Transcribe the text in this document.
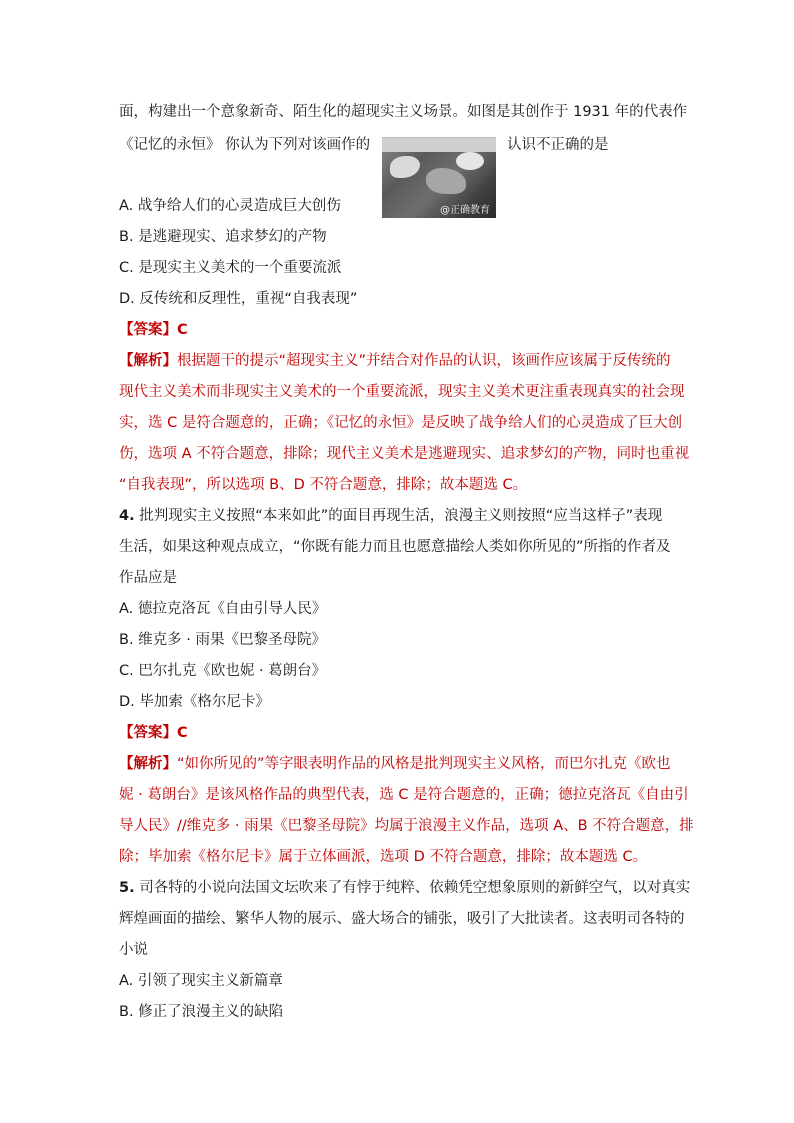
面，构建出一个意象新奇、陌生化的超现实主义场景。如图是其创作于 1931 年的代表作
《记忆的永恒》 你认为下列对该画作的	认识不正确的是
@正确教育
A. 战争给人们的心灵造成巨大创伤
B. 是逃避现实、追求梦幻的产物
C. 是现实主义美术的一个重要流派
D. 反传统和反理性，重视“自我表现”
【答案】C
【解析】根据题干的提示“超现实主义”并结合对作品的认识，该画作应该属于反传统的
现代主义美术而非现实主义美术的一个重要流派，现实主义美术更注重表现真实的社会现
实，选 C 是符合题意的，正确；《记忆的永恒》是反映了战争给人们的心灵造成了巨大创
伤，选项 A 不符合题意，排除；现代主义美术是逃避现实、追求梦幻的产物，同时也重视
“自我表现”，所以选项 B、D 不符合题意，排除；故本题选 C。
4. 批判现实主义按照“本来如此”的面目再现生活，浪漫主义则按照“应当这样子”表现
生活，如果这种观点成立，“你既有能力而且也愿意描绘人类如你所见的”所指的作者及
作品应是
A. 德拉克洛瓦《自由引导人民》
B. 维克多 · 雨果《巴黎圣母院》
C. 巴尔扎克《欧也妮 · 葛朗台》
D. 毕加索《格尔尼卡》
【答案】C
【解析】“如你所见的”等字眼表明作品的风格是批判现实主义风格，而巴尔扎克《欧也
妮 · 葛朗台》是该风格作品的典型代表，选 C 是符合题意的，正确；德拉克洛瓦《自由引
导人民》//维克多 · 雨果《巴黎圣母院》均属于浪漫主义作品，选项 A、B 不符合题意，排
除；毕加索《格尔尼卡》属于立体画派，选项 D 不符合题意，排除；故本题选 C。
5. 司各特的小说向法国文坛吹来了有悖于纯粹、依赖凭空想象原则的新鲜空气，以对真实
辉煌画面的描绘、繁华人物的展示、盛大场合的铺张，吸引了大批读者。这表明司各特的
小说
A. 引领了现实主义新篇章
B. 修正了浪漫主义的缺陷
